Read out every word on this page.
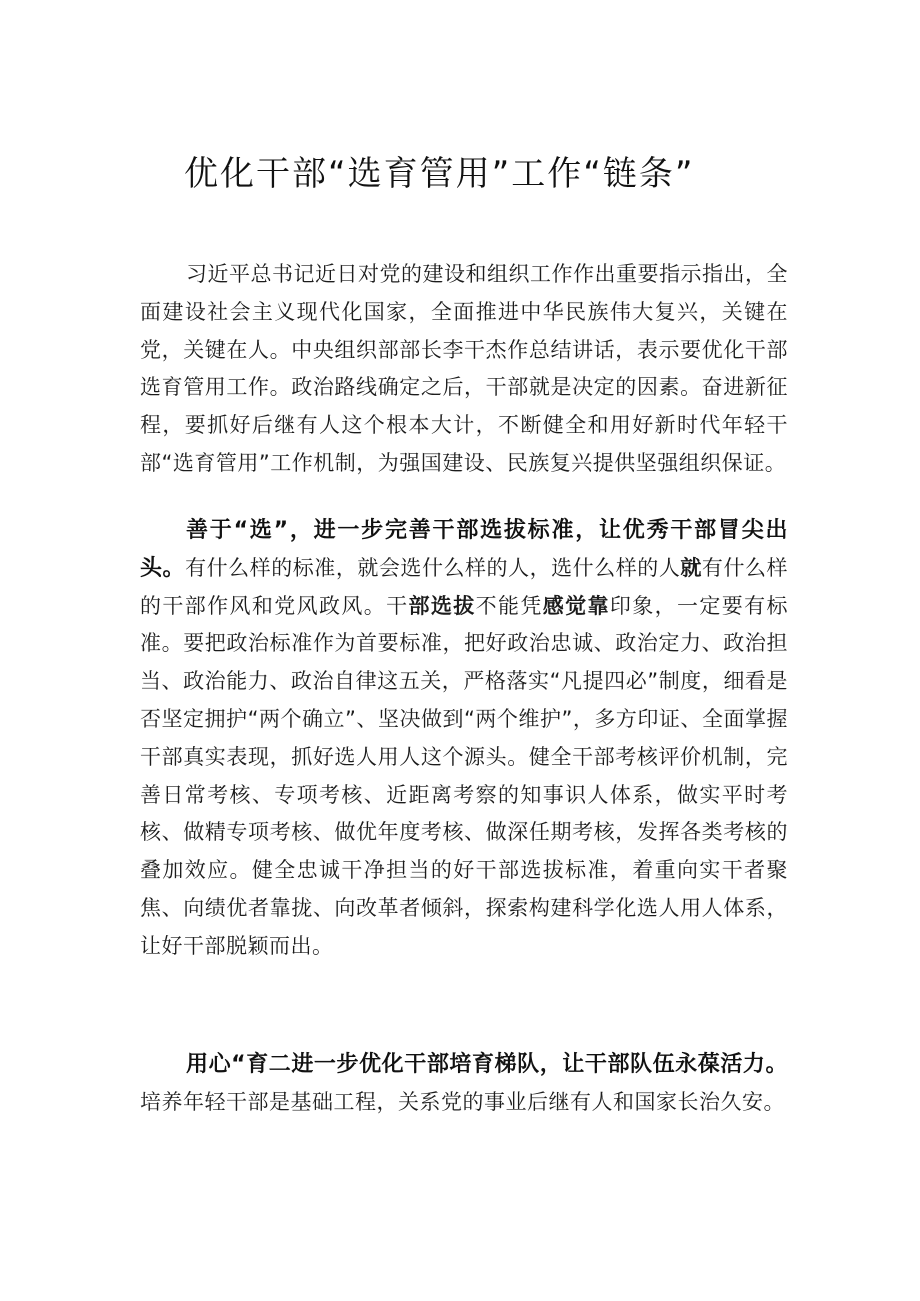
优化干部“选育管用”工作“链条”

习近平总书记近日对党的建设和组织工作作出重要指示指出，全面建设社会主义现代化国家，全面推进中华民族伟大复兴，关键在党，关键在人。中央组织部部长李干杰作总结讲话，表示要优化干部选育管用工作。政治路线确定之后，干部就是决定的因素。奋进新征程，要抓好后继有人这个根本大计，不断健全和用好新时代年轻干部“选育管用”工作机制，为强国建设、民族复兴提供坚强组织保证。

善于“选”，进一步完善干部选拔标准，让优秀干部冒尖出头。有什么样的标准，就会选什么样的人，选什么样的人就有什么样的干部作风和党风政风。干部选拔不能凭感觉靠印象，一定要有标准。要把政治标准作为首要标准，把好政治忠诚、政治定力、政治担当、政治能力、政治自律这五关，严格落实“凡提四必”制度，细看是否坚定拥护“两个确立”、坚决做到“两个维护”，多方印证、全面掌握干部真实表现，抓好选人用人这个源头。健全干部考核评价机制，完善日常考核、专项考核、近距离考察的知事识人体系，做实平时考核、做精专项考核、做优年度考核、做深任期考核，发挥各类考核的叠加效应。健全忠诚干净担当的好干部选拔标准，着重向实干者聚焦、向绩优者靠拢、向改革者倾斜，探索构建科学化选人用人体系，让好干部脱颖而出。

用心“育二进一步优化干部培育梯队，让干部队伍永葆活力。培养年轻干部是基础工程，关系党的事业后继有人和国家长治久安。
